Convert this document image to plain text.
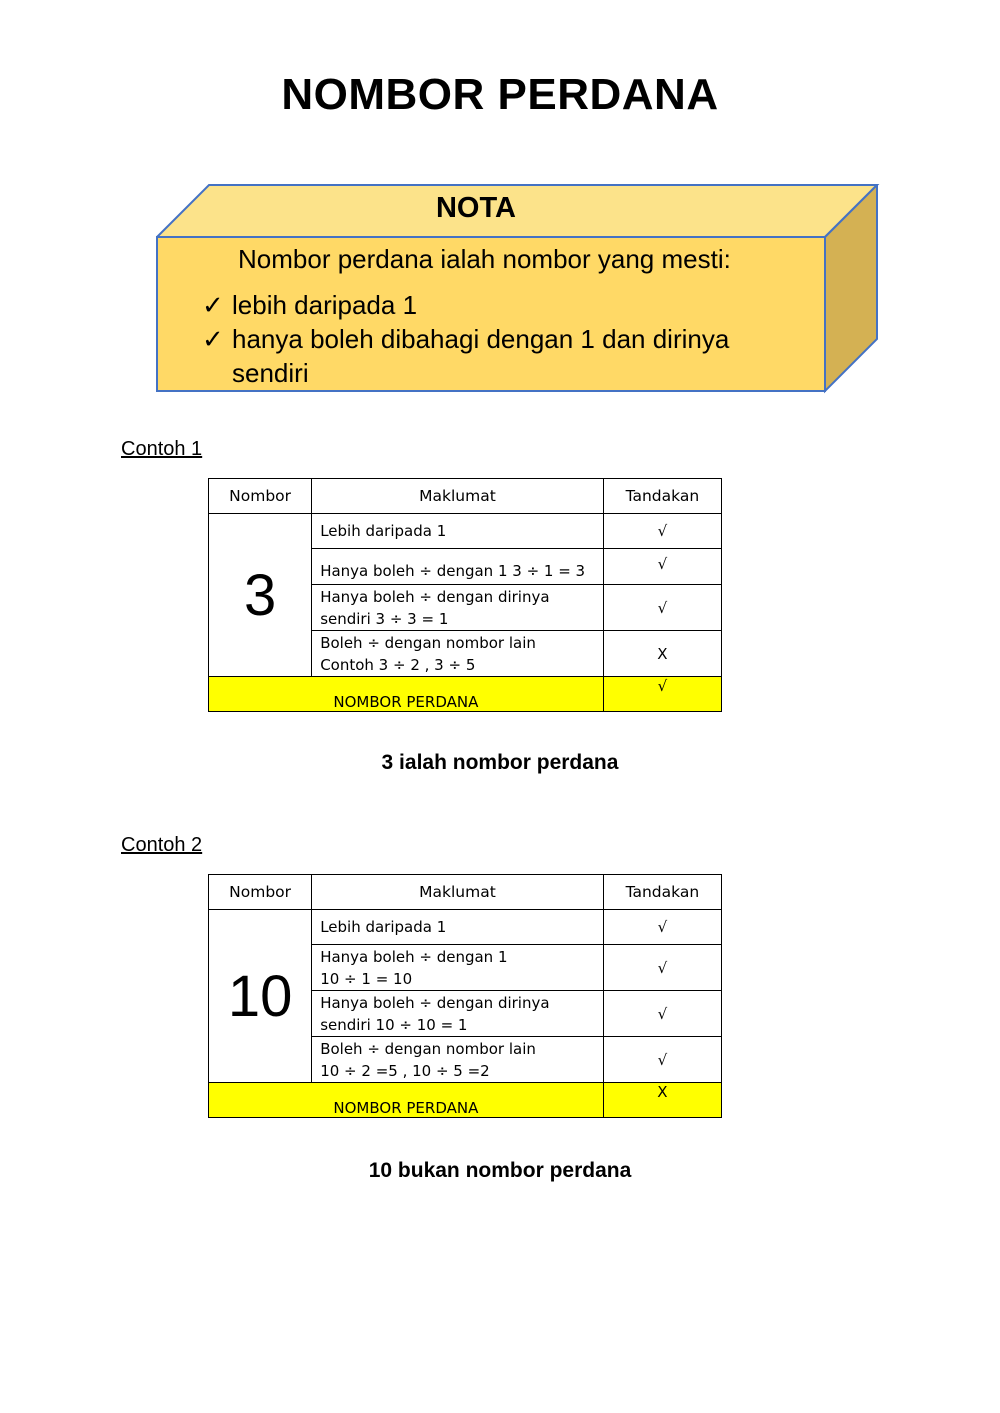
NOMBOR PERDANA
NOTA
Nombor perdana ialah nombor yang mesti:
✓ lebih daripada 1
✓ hanya boleh dibahagi dengan 1 dan dirinya sendiri
Contoh 1
Nombor	Maklumat	Tandakan
3	Lebih daripada 1	√

	Hanya boleh ÷ dengan 1 3 ÷ 1 = 3	√

	Hanya boleh ÷ dengan dirinya
sendiri 3 ÷ 3 = 1	√

	Boleh ÷ dengan nombor lain
Contoh 3 ÷ 2 , 3 ÷ 5	X
NOMBOR PERDANA		√
3 ialah nombor perdana
Contoh 2
Nombor	Maklumat	Tandakan
10	Lebih daripada 1	√

	Hanya boleh ÷ dengan 1
10 ÷ 1 = 10	√

	Hanya boleh ÷ dengan dirinya
sendiri 10 ÷ 10 = 1	√

	Boleh ÷ dengan nombor lain
10 ÷ 2 =5 , 10 ÷ 5 =2	√
NOMBOR PERDANA		X
10 bukan nombor perdana
